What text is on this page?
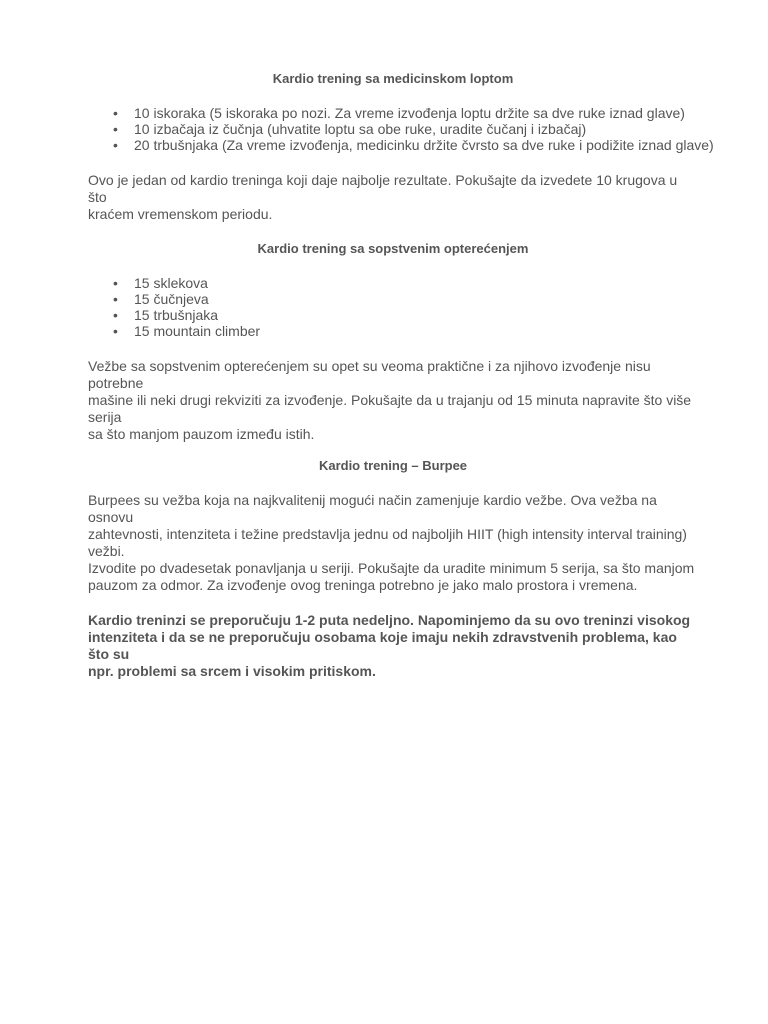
Kardio trening sa medicinskom loptom
• 10 iskoraka (5 iskoraka po nozi. Za vreme izvođenja loptu držite sa dve ruke iznad glave)
• 10 izbačaja iz čučnja (uhvatite loptu sa obe ruke, uradite čučanj i izbačaj)
• 20 trbušnjaka (Za vreme izvođenja, medicinku držite čvrsto sa dve ruke i podižite iznad glave)

Ovo je jedan od kardio treninga koji daje najbolje rezultate. Pokušajte da izvedete 10 krugova u što
kraćem vremenskom periodu.

Kardio trening sa sopstvenim opterećenjem
• 15 sklekova
• 15 čučnjeva
• 15 trbušnjaka
• 15 mountain climber

Vežbe sa sopstvenim opterećenjem su opet su veoma praktične i za njihovo izvođenje nisu potrebne
mašine ili neki drugi rekviziti za izvođenje. Pokušajte da u trajanju od 15 minuta napravite što više serija
sa što manjom pauzom između istih.

Kardio trening – Burpee

Burpees su vežba koja na najkvalitenij mogući način zamenjuje kardio vežbe. Ova vežba na osnovu
zahtevnosti, intenziteta i težine predstavlja jednu od najboljih HIIT (high intensity interval training) vežbi.
Izvodite po dvadesetak ponavljanja u seriji. Pokušajte da uradite minimum 5 serija, sa što manjom
pauzom za odmor. Za izvođenje ovog treninga potrebno je jako malo prostora i vremena.

Kardio treninzi se preporučuju 1-2 puta nedeljno. Napominjemo da su ovo treninzi visokog
intenziteta i da se ne preporučuju osobama koje imaju nekih zdravstvenih problema, kao što su
npr. problemi sa srcem i visokim pritiskom.
